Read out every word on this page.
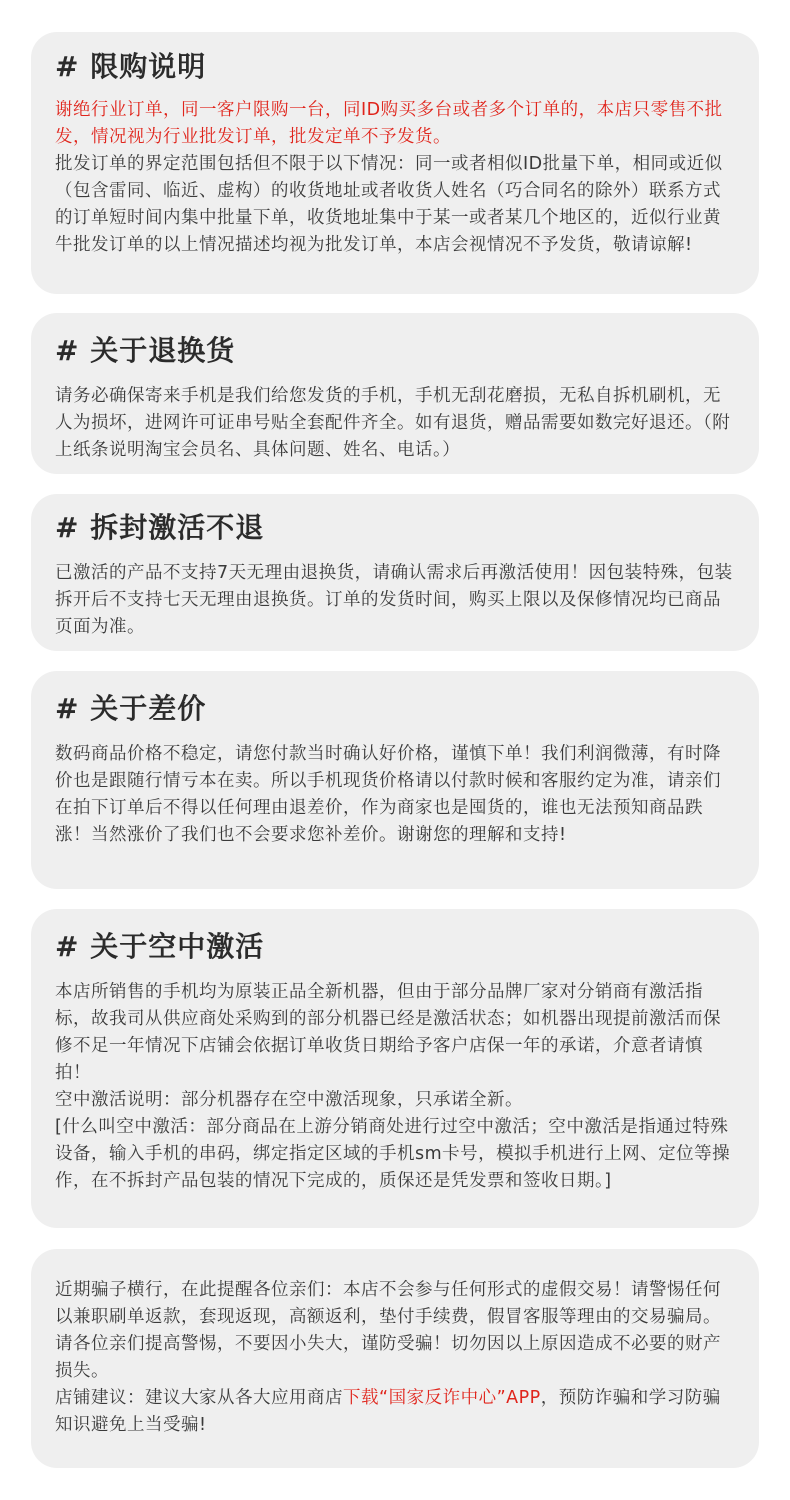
# 限购说明

谢绝行业订单，同一客户限购一台，同ID购买多台或者多个订单的，本店只零售不批发，情况视为行业批发订单，批发定单不予发货。

批发订单的界定范围包括但不限于以下情况：同一或者相似ID批量下单，相同或近似（包含雷同、临近、虚构）的收货地址或者收货人姓名（巧合同名的除外）联系方式的订单短时间内集中批量下单，收货地址集中于某一或者某几个地区的，近似行业黄牛批发订单的以上情况描述均视为批发订单，本店会视情况不予发货，敬请谅解!

# 关于退换货

请务必确保寄来手机是我们给您发货的手机，手机无刮花磨损，无私自拆机刷机，无人为损坏，进网许可证串号贴全套配件齐全。如有退货，赠品需要如数完好退还。（附上纸条说明淘宝会员名、具体问题、姓名、电话。）

# 拆封激活不退

已激活的产品不支持7天无理由退换货，请确认需求后再激活使用！因包装特殊，包装拆开后不支持七天无理由退换货。订单的发货时间，购买上限以及保修情况均已商品页面为准。

# 关于差价

数码商品价格不稳定，请您付款当时确认好价格，谨慎下单！我们利润微薄，有时降价也是跟随行情亏本在卖。所以手机现货价格请以付款时候和客服约定为准，请亲们在拍下订单后不得以任何理由退差价，作为商家也是囤货的，谁也无法预知商品跌涨！当然涨价了我们也不会要求您补差价。谢谢您的理解和支持!

# 关于空中激活

本店所销售的手机均为原装正品全新机器，但由于部分品牌厂家对分销商有激活指标，故我司从供应商处采购到的部分机器已经是激活状态；如机器出现提前激活而保修不足一年情况下店铺会依据订单收货日期给予客户店保一年的承诺，介意者请慎拍！

空中激活说明：部分机器存在空中激活现象，只承诺全新。

[什么叫空中激活：部分商品在上游分销商处进行过空中激活；空中激活是指通过特殊设备，输入手机的串码，绑定指定区域的手机sm卡号，模拟手机进行上网、定位等操作，在不拆封产品包装的情况下完成的，质保还是凭发票和签收日期。]

近期骗子横行，在此提醒各位亲们：本店不会参与任何形式的虚假交易！请警惕任何以兼职刷单返款，套现返现，高额返利，垫付手续费，假冒客服等理由的交易骗局。请各位亲们提高警惕，不要因小失大，谨防受骗！切勿因以上原因造成不必要的财产损失。

店铺建议：建议大家从各大应用商店下载“国家反诈中心”APP，预防诈骗和学习防骗知识避免上当受骗!
